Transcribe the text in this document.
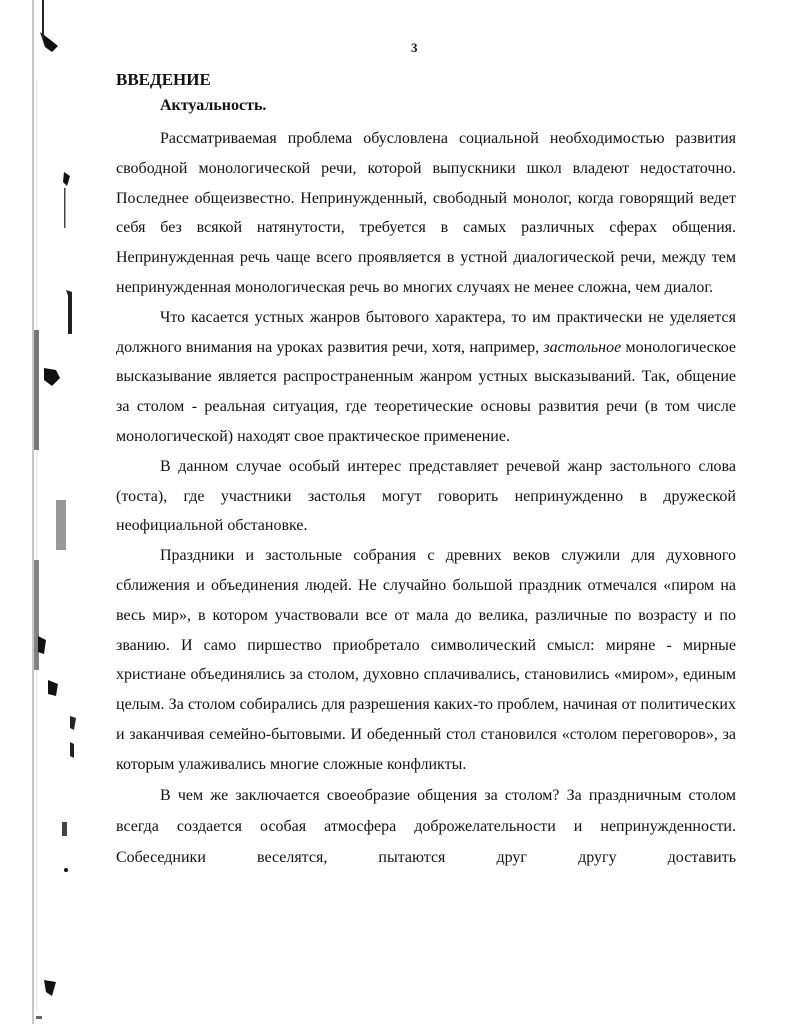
3
ВВЕДЕНИЕ
Актуальность.

Рассматриваемая проблема обусловлена социальной необходимостью развития свободной монологической речи, которой выпускники школ владеют недостаточно. Последнее общеизвестно. Непринужденный, свободный монолог, когда говорящий ведет себя без всякой натянутости, требуется в самых различных сферах общения. Непринужденная речь чаще всего проявляется в устной диалогической речи, между тем непринужденная монологическая речь во многих случаях не менее сложна, чем диалог.

Что касается устных жанров бытового характера, то им практически не уделяется должного внимания на уроках развития речи, хотя, например, застольное монологическое высказывание является распространенным жанром устных высказываний. Так, общение за столом - реальная ситуация, где теоретические основы развития речи (в том числе монологической) находят свое практическое применение.

В данном случае особый интерес представляет речевой жанр застольного слова (тоста), где участники застолья могут говорить непринужденно в дружеской неофициальной обстановке.

Праздники и застольные собрания с древних веков служили для духовного сближения и объединения людей. Не случайно большой праздник отмечался «пиром на весь мир», в котором участвовали все от мала до велика, различные по возрасту и по званию. И само пиршество приобретало символический смысл: миряне - мирные христиане объединялись за столом, духовно сплачивались, становились «миром», единым целым. За столом собирались для разрешения каких-то проблем, начиная от политических и заканчивая семейно-бытовыми. И обеденный стол становился «столом переговоров», за которым улаживались многие сложные конфликты.

В чем же заключается своеобразие общения за столом? За праздничным столом всегда создается особая атмосфера доброжелательности и непринужденности. Собеседники веселятся, пытаются друг другу доставить
